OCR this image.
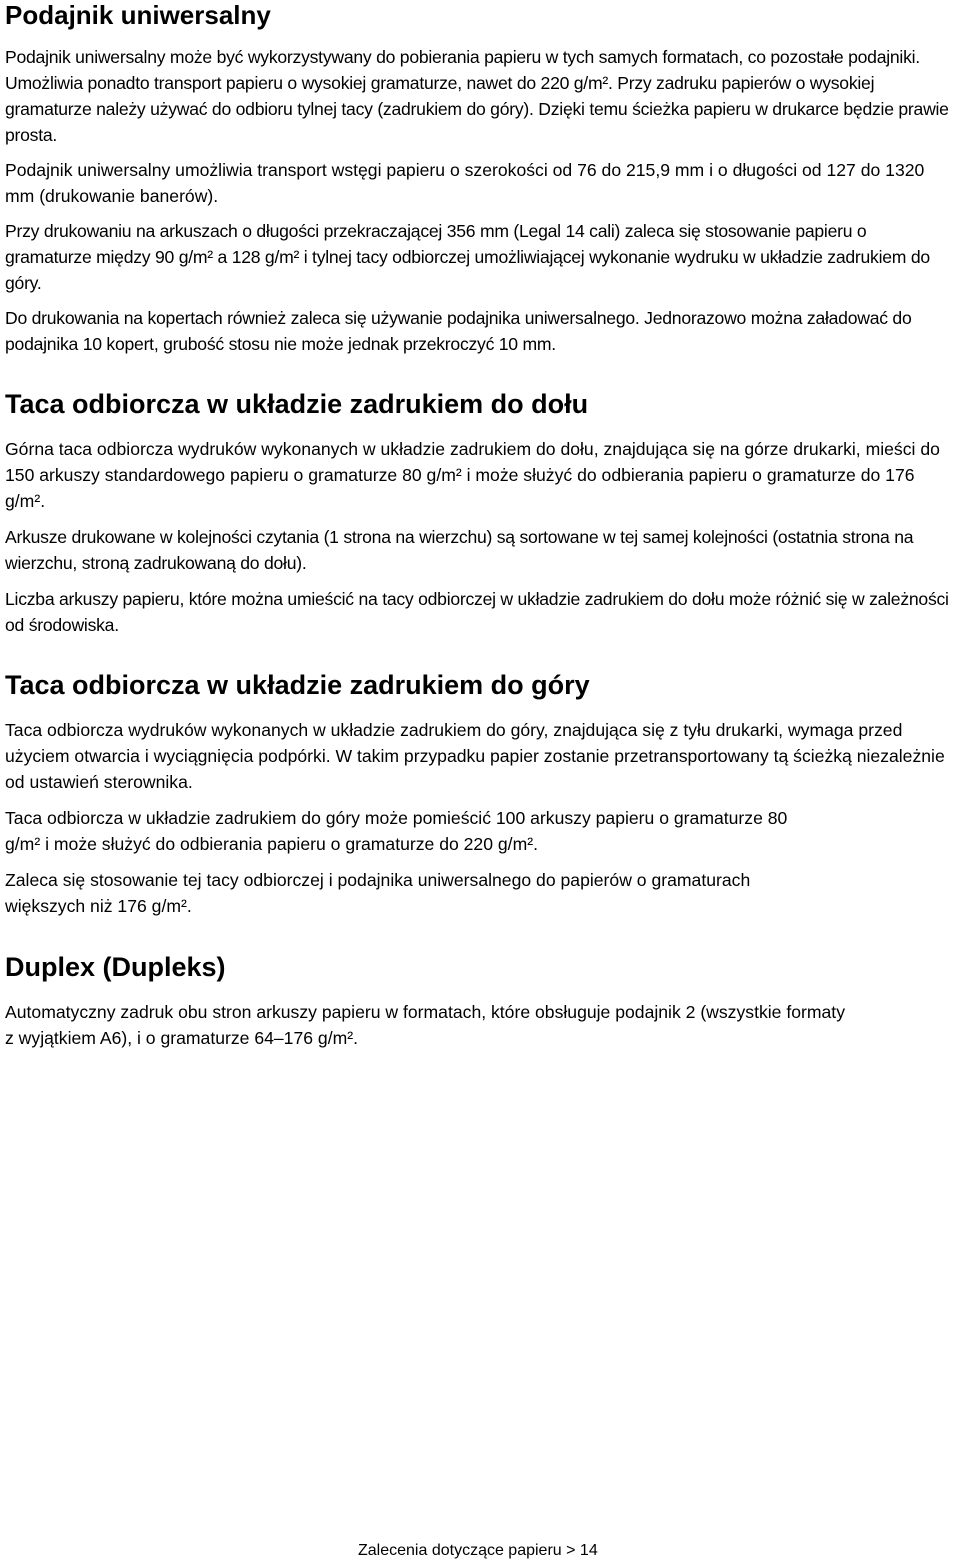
Podajnik uniwersalny

Podajnik uniwersalny może być wykorzystywany do pobierania papieru w tych samych formatach, co pozostałe podajniki. Umożliwia ponadto transport papieru o wysokiej gramaturze, nawet do 220 g/m². Przy zadruku papierów o wysokiej gramaturze należy używać do odbioru tylnej tacy (zadrukiem do góry). Dzięki temu ścieżka papieru w drukarce będzie prawie prosta.

Podajnik uniwersalny umożliwia transport wstęgi papieru o szerokości od 76 do 215,9 mm i o długości od 127 do 1320 mm (drukowanie banerów).

Przy drukowaniu na arkuszach o długości przekraczającej 356 mm (Legal 14 cali) zaleca się stosowanie papieru o gramaturze między 90 g/m² a 128 g/m² i tylnej tacy odbiorczej umożliwiającej wykonanie wydruku w układzie zadrukiem do góry.

Do drukowania na kopertach również zaleca się używanie podajnika uniwersalnego. Jednorazowo można załadować do podajnika 10 kopert, grubość stosu nie może jednak przekroczyć 10 mm.

Taca odbiorcza w układzie zadrukiem do dołu

Górna taca odbiorcza wydruków wykonanych w układzie zadrukiem do dołu, znajdująca się na górze drukarki, mieści do 150 arkuszy standardowego papieru o gramaturze 80 g/m² i może służyć do odbierania papieru o gramaturze do 176 g/m².

Arkusze drukowane w kolejności czytania (1 strona na wierzchu) są sortowane w tej samej kolejności (ostatnia strona na wierzchu, stroną zadrukowaną do dołu).

Liczba arkuszy papieru, które można umieścić na tacy odbiorczej w układzie zadrukiem do dołu może różnić się w zależności od środowiska.

Taca odbiorcza w układzie zadrukiem do góry

Taca odbiorcza wydruków wykonanych w układzie zadrukiem do góry, znajdująca się z tyłu drukarki, wymaga przed użyciem otwarcia i wyciągnięcia podpórki. W takim przypadku papier zostanie przetransportowany tą ścieżką niezależnie od ustawień sterownika.

Taca odbiorcza w układzie zadrukiem do góry może pomieścić 100 arkuszy papieru o gramaturze 80 g/m² i może służyć do odbierania papieru o gramaturze do 220 g/m².

Zaleca się stosowanie tej tacy odbiorczej i podajnika uniwersalnego do papierów o gramaturach większych niż 176 g/m².

Duplex (Dupleks)

Automatyczny zadruk obu stron arkuszy papieru w formatach, które obsługuje podajnik 2 (wszystkie formaty z wyjątkiem A6), i o gramaturze 64–176 g/m².

Zalecenia dotyczące papieru > 14
